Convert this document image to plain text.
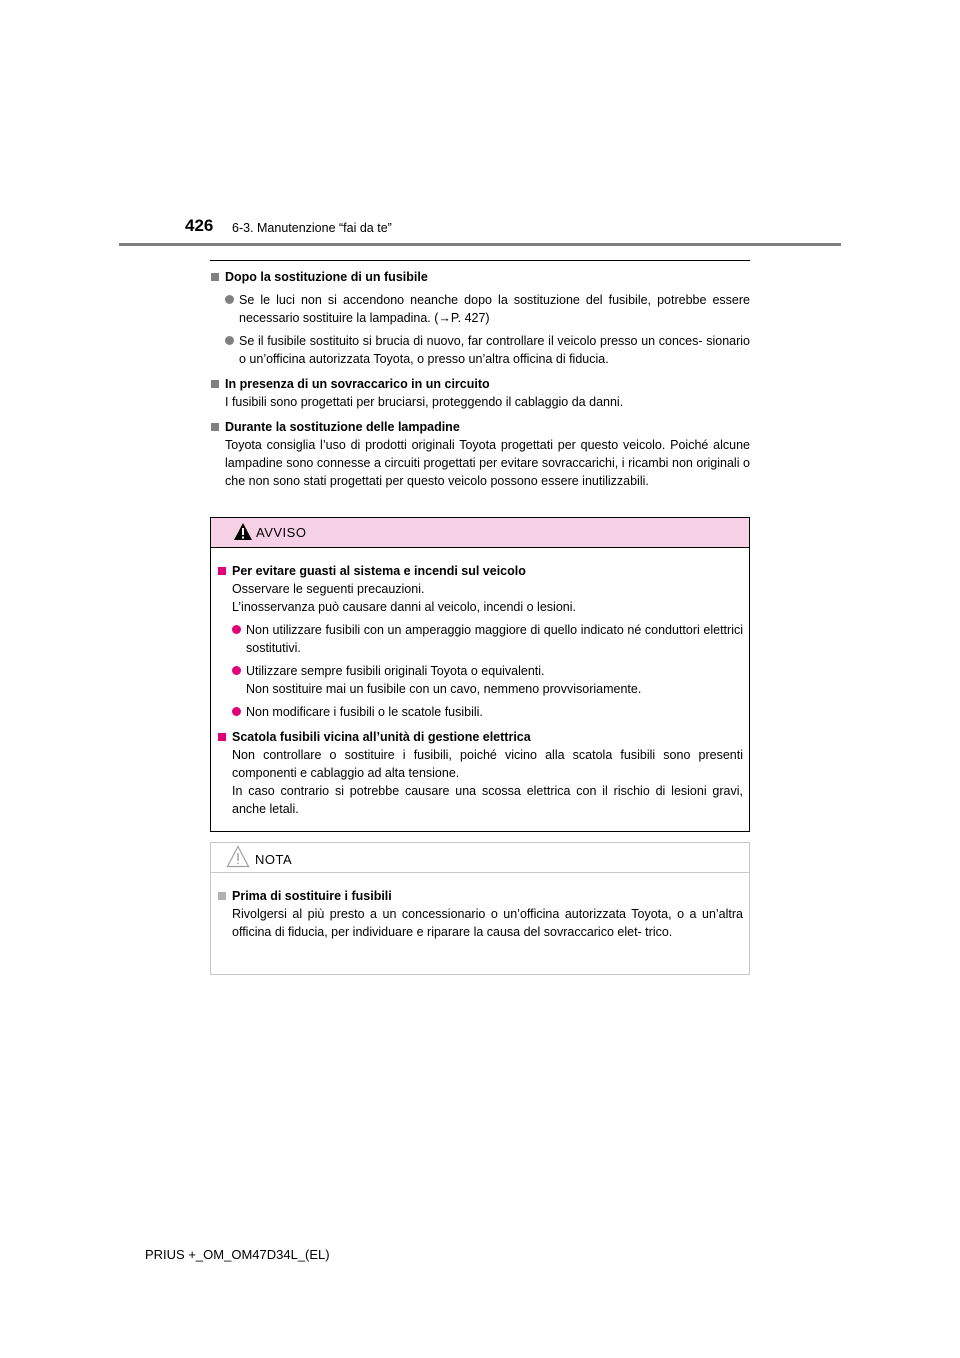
426 6-3. Manutenzione “fai da te”
Dopo la sostituzione di un fusibile
Se le luci non si accendono neanche dopo la sostituzione del fusibile, potrebbe essere necessario sostituire la lampadina. (→P. 427)
Se il fusibile sostituito si brucia di nuovo, far controllare il veicolo presso un conces- sionario o un’officina autorizzata Toyota, o presso un’altra officina di fiducia.
In presenza di un sovraccarico in un circuito
I fusibili sono progettati per bruciarsi, proteggendo il cablaggio da danni.
Durante la sostituzione delle lampadine
Toyota consiglia l’uso di prodotti originali Toyota progettati per questo veicolo. Poiché alcune lampadine sono connesse a circuiti progettati per evitare sovraccarichi, i ricambi non originali o che non sono stati progettati per questo veicolo possono essere inutilizzabili.
AVVISO
Per evitare guasti al sistema e incendi sul veicolo
Osservare le seguenti precauzioni.
L’inosservanza può causare danni al veicolo, incendi o lesioni.
Non utilizzare fusibili con un amperaggio maggiore di quello indicato né conduttori elettrici sostitutivi.
Utilizzare sempre fusibili originali Toyota o equivalenti.
Non sostituire mai un fusibile con un cavo, nemmeno provvisoriamente.
Non modificare i fusibili o le scatole fusibili.
Scatola fusibili vicina all’unità di gestione elettrica
Non controllare o sostituire i fusibili, poiché vicino alla scatola fusibili sono presenti componenti e cablaggio ad alta tensione.
In caso contrario si potrebbe causare una scossa elettrica con il rischio di lesioni gravi, anche letali.
NOTA
Prima di sostituire i fusibili
Rivolgersi al più presto a un concessionario o un’officina autorizzata Toyota, o a un’altra officina di fiducia, per individuare e riparare la causa del sovraccarico elet- trico.
PRIUS +_OM_OM47D34L_(EL)
